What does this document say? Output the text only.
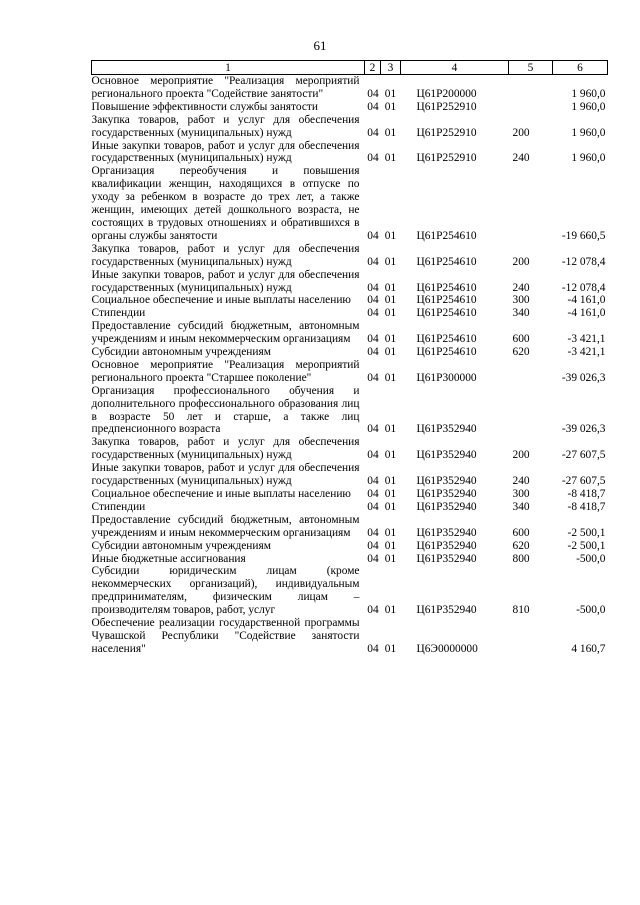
61
1	2	3	4	5	6
Основное мероприятие "Реализация мероприятий регионального проекта "Содействие занятости"	04	01	Ц61Р200000		1 960,0
Повышение эффективности службы занятости	04	01	Ц61Р252910		1 960,0
Закупка товаров, работ и услуг для обеспечения государственных (муниципальных) нужд	04	01	Ц61Р252910	200	1 960,0
Иные закупки товаров, работ и услуг для обеспечения государственных (муниципальных) нужд	04	01	Ц61Р252910	240	1 960,0
Организация переобучения и повышения квалификации женщин, находящихся в отпуске по уходу за ребенком в возрасте до трех лет, а также женщин, имеющих детей дошкольного возраста, не состоящих в трудовых отношениях и обратившихся в органы службы занятости	04	01	Ц61Р254610		-19 660,5
Закупка товаров, работ и услуг для обеспечения государственных (муниципальных) нужд	04	01	Ц61Р254610	200	-12 078,4
Иные закупки товаров, работ и услуг для обеспечения государственных (муниципальных) нужд	04	01	Ц61Р254610	240	-12 078,4
Социальное обеспечение и иные выплаты населению	04	01	Ц61Р254610	300	-4 161,0
Стипендии	04	01	Ц61Р254610	340	-4 161,0
Предоставление субсидий бюджетным, автономным учреждениям и иным некоммерческим организациям	04	01	Ц61Р254610	600	-3 421,1
Субсидии автономным учреждениям	04	01	Ц61Р254610	620	-3 421,1
Основное мероприятие "Реализация мероприятий регионального проекта "Старшее поколение"	04	01	Ц61Р300000		-39 026,3
Организация профессионального обучения и дополнительного профессионального образования лиц в возрасте 50 лет и старше, а также лиц предпенсионного возраста	04	01	Ц61Р352940		-39 026,3
Закупка товаров, работ и услуг для обеспечения государственных (муниципальных) нужд	04	01	Ц61Р352940	200	-27 607,5
Иные закупки товаров, работ и услуг для обеспечения государственных (муниципальных) нужд	04	01	Ц61Р352940	240	-27 607,5
Социальное обеспечение и иные выплаты населению	04	01	Ц61Р352940	300	-8 418,7
Стипендии	04	01	Ц61Р352940	340	-8 418,7
Предоставление субсидий бюджетным, автономным учреждениям и иным некоммерческим организациям	04	01	Ц61Р352940	600	-2 500,1
Субсидии автономным учреждениям	04	01	Ц61Р352940	620	-2 500,1
Иные бюджетные ассигнования	04	01	Ц61Р352940	800	-500,0
Субсидии юридическим лицам (кроме некоммерческих организаций), индивидуальным предпринимателям, физическим лицам – производителям товаров, работ, услуг	04	01	Ц61Р352940	810	-500,0
Обеспечение реализации государственной программы Чувашской Республики "Содействие занятости населения"	04	01	Ц6Э0000000		4 160,7
